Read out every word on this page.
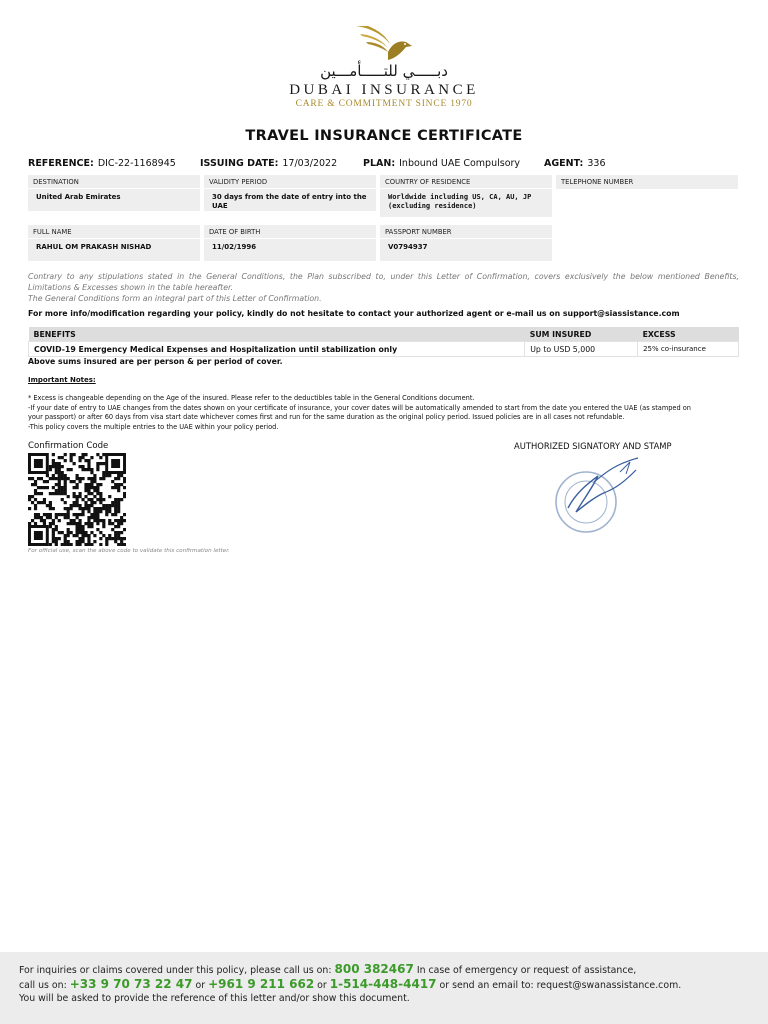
دبـــــي للتـــــأمـــين
DUBAI INSURANCE
CARE & COMMITMENT SINCE 1970
TRAVEL INSURANCE CERTIFICATE
REFERENCE: DIC-22-1168945	ISSUING DATE: 17/03/2022	PLAN: Inbound UAE Compulsory	AGENT: 336
DESTINATION
United Arab Emirates
VALIDITY PERIOD
30 days from the date of entry into the UAE
COUNTRY OF RESIDENCE
Worldwide including US, CA, AU, JP (excluding residence)
TELEPHONE NUMBER
FULL NAME
RAHUL OM PRAKASH NISHAD
DATE OF BIRTH
11/02/1996
PASSPORT NUMBER
V0794937
Contrary to any stipulations stated in the General Conditions, the Plan subscribed to, under this Letter of Confirmation, covers exclusively the below mentioned Benefits,
Limitations & Excesses shown in the table hereafter.
The General Conditions form an integral part of this Letter of Confirmation.
For more info/modification regarding your policy, kindly do not hesitate to contact your authorized agent or e-mail us on support@siassistance.com
BENEFITS	SUM INSURED	EXCESS
COVID-19 Emergency Medical Expenses and Hospitalization until stabilization only	Up to USD 5,000	25% co-insurance
Above sums insured are per person & per period of cover.
Important Notes:
* Excess is changeable depending on the Age of the insured. Please refer to the deductibles table in the General Conditions document.
-If your date of entry to UAE changes from the dates shown on your certificate of insurance, your cover dates will be automatically amended to start from the date you entered the UAE (as stamped on
your passport) or after 60 days from visa start date whichever comes first and run for the same duration as the original policy period. Issued policies are in all cases not refundable.
-This policy covers the multiple entries to the UAE within your policy period.
Confirmation Code
For official use, scan the above code to validate this confirmation letter.
AUTHORIZED SIGNATORY AND STAMP
For inquiries or claims covered under this policy, please call us on: 800 382467 In case of emergency or request of assistance,
call us on: +33 9 70 73 22 47 or +961 9 211 662 or 1-514-448-4417 or send an email to: request@swanassistance.com.
You will be asked to provide the reference of this letter and/or show this document.
